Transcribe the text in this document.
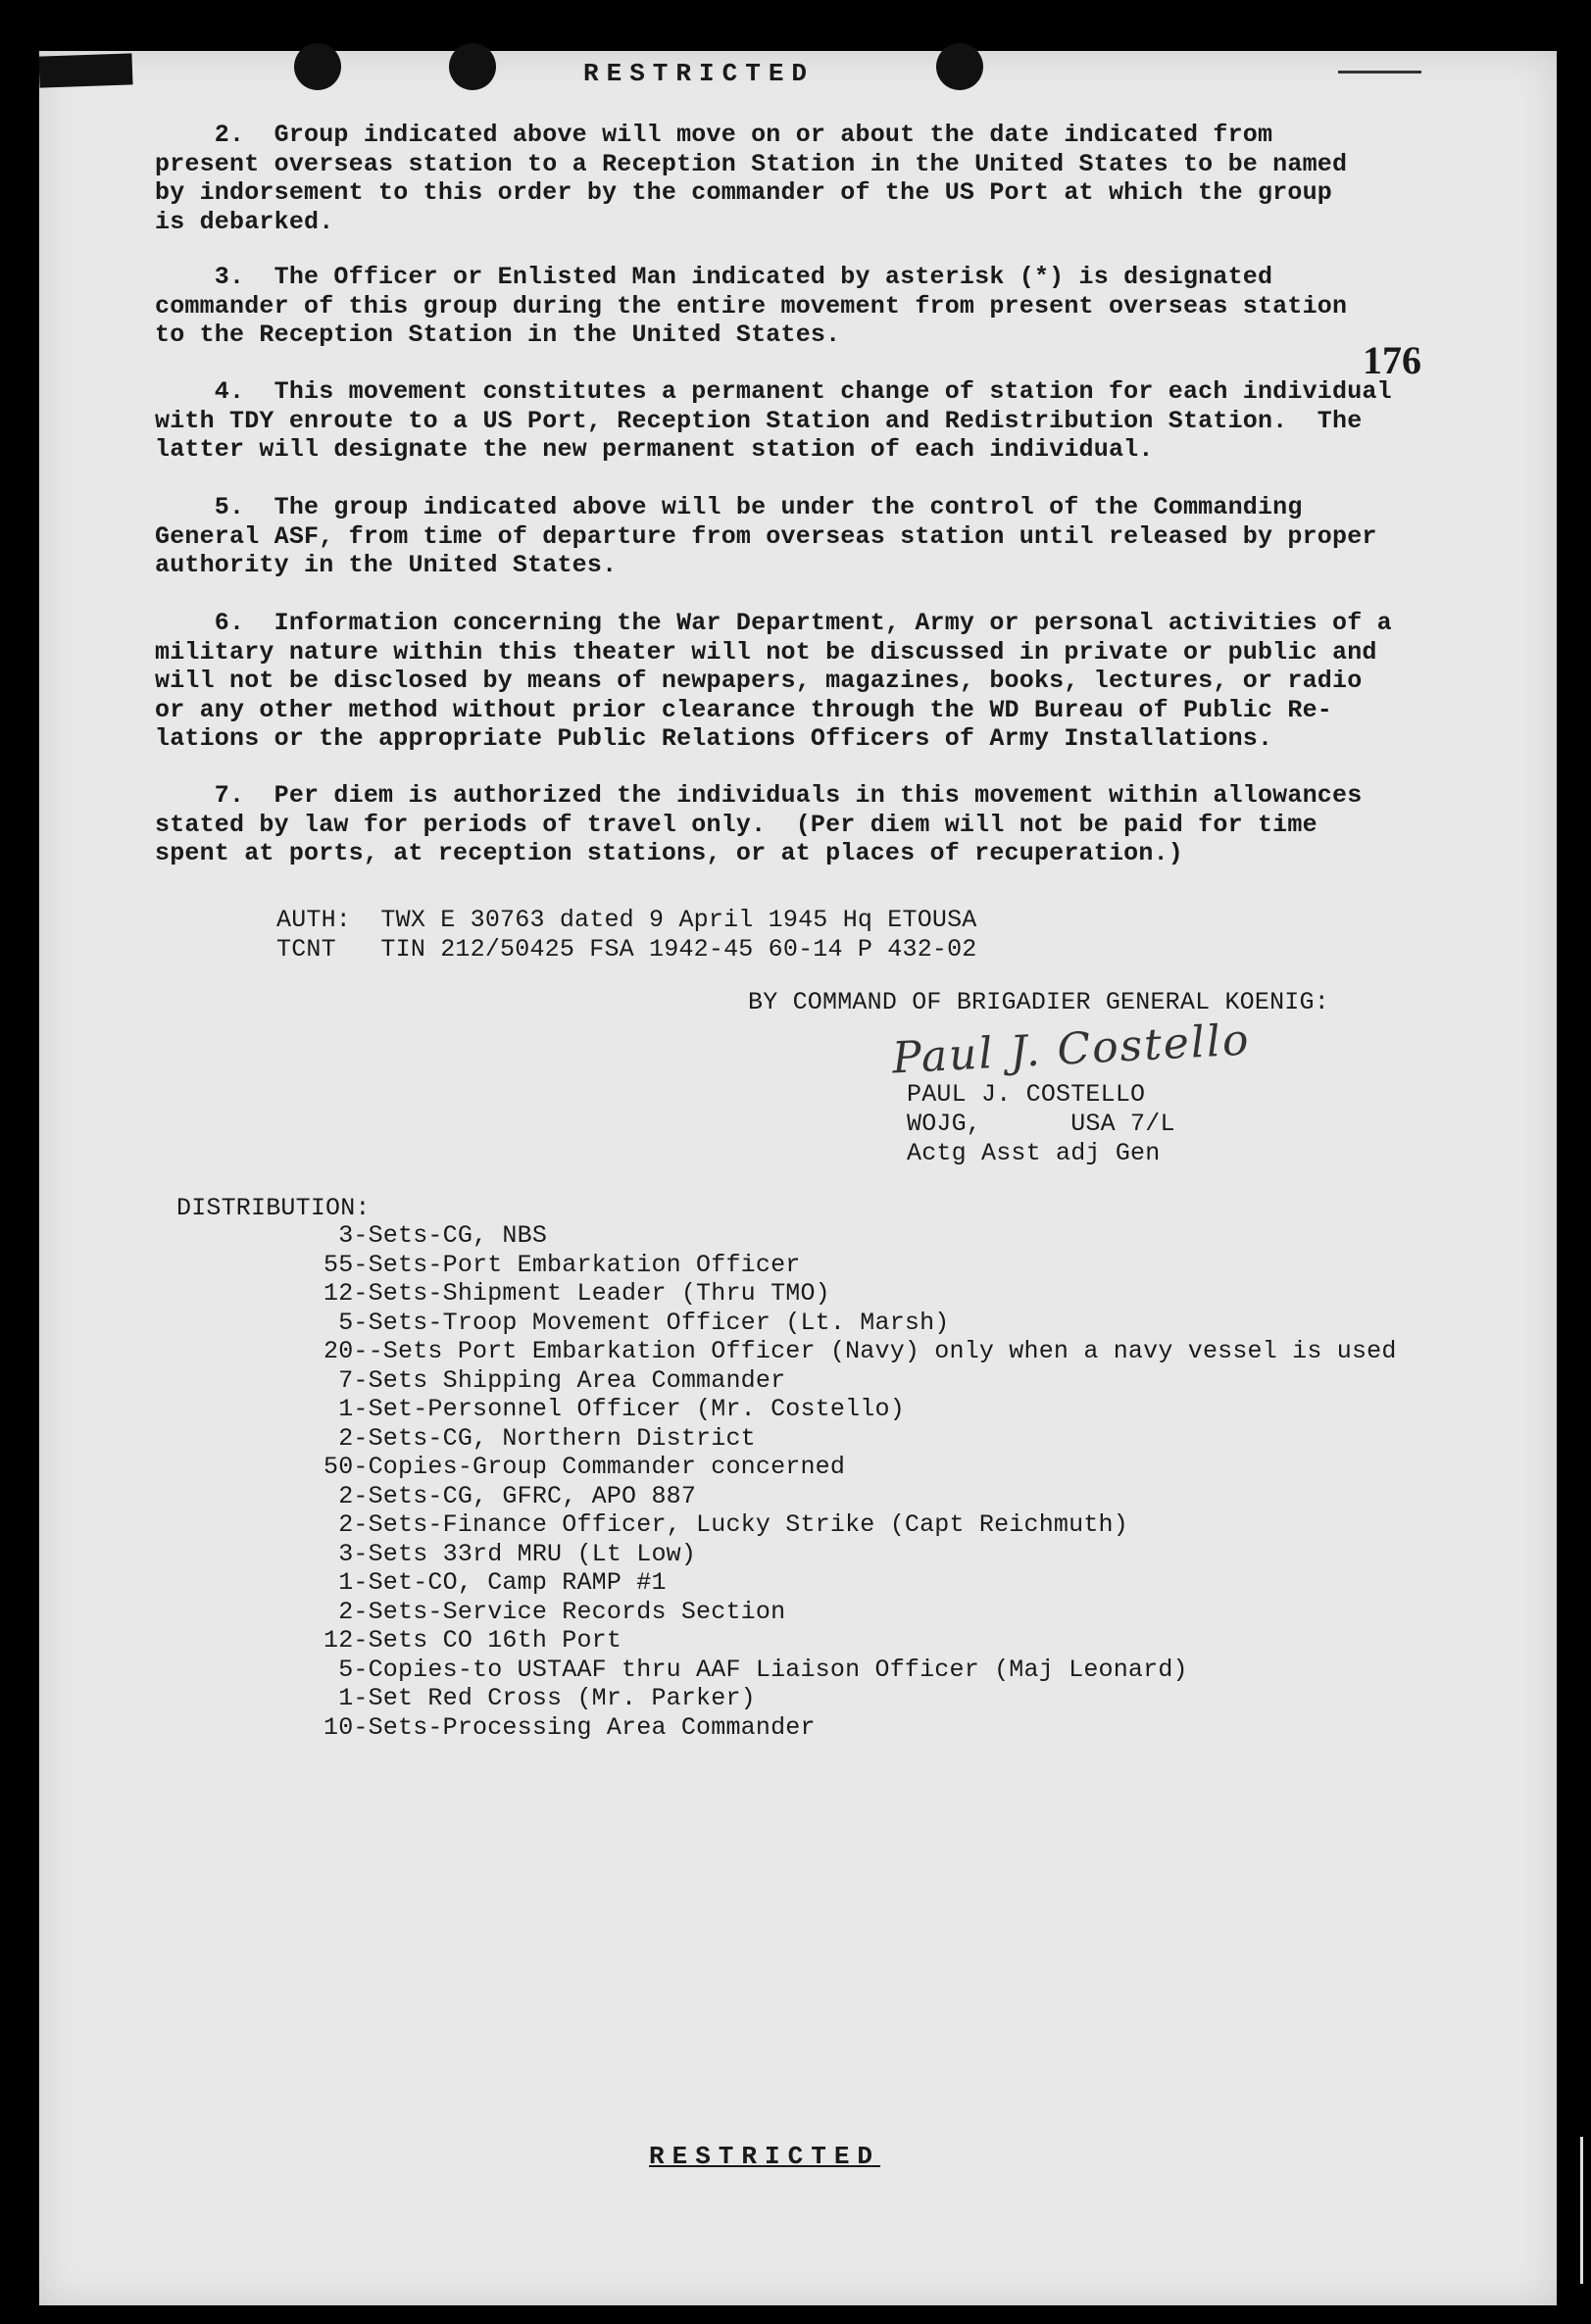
RESTRICTED
176
2.  Group indicated above will move on or about the date indicated from
present overseas station to a Reception Station in the United States to be named
by indorsement to this order by the commander of the US Port at which the group
is debarked.
3.  The Officer or Enlisted Man indicated by asterisk (*) is designated
commander of this group during the entire movement from present overseas station
to the Reception Station in the United States.
4.  This movement constitutes a permanent change of station for each individual
with TDY enroute to a US Port, Reception Station and Redistribution Station.  The
latter will designate the new permanent station of each individual.
5.  The group indicated above will be under the control of the Commanding
General ASF, from time of departure from overseas station until released by proper
authority in the United States.
6.  Information concerning the War Department, Army or personal activities of a
military nature within this theater will not be discussed in private or public and
will not be disclosed by means of newpapers, magazines, books, lectures, or radio
or any other method without prior clearance through the WD Bureau of Public Re-
lations or the appropriate Public Relations Officers of Army Installations.
7.  Per diem is authorized the individuals in this movement within allowances
stated by law for periods of travel only.  (Per diem will not be paid for time
spent at ports, at reception stations, or at places of recuperation.)
AUTH:  TWX E 30763 dated 9 April 1945 Hq ETOUSA
TCNT   TIN 212/50425 FSA 1942-45 60-14 P 432-02
BY COMMAND OF BRIGADIER GENERAL KOENIG:
Paul J. Costello
PAUL J. COSTELLO
WOJG,      USA 7/L
Actg Asst adj Gen
DISTRIBUTION:
3-Sets-CG, NBS
55-Sets-Port Embarkation Officer
12-Sets-Shipment Leader (Thru TMO)
5-Sets-Troop Movement Officer (Lt. Marsh)
20--Sets Port Embarkation Officer (Navy) only when a navy vessel is used
7-Sets Shipping Area Commander
1-Set-Personnel Officer (Mr. Costello)
2-Sets-CG, Northern District
50-Copies-Group Commander concerned
2-Sets-CG, GFRC, APO 887
2-Sets-Finance Officer, Lucky Strike (Capt Reichmuth)
3-Sets 33rd MRU (Lt Low)
1-Set-CO, Camp RAMP #1
2-Sets-Service Records Section
12-Sets CO 16th Port
5-Copies-to USTAAF thru AAF Liaison Officer (Maj Leonard)
1-Set Red Cross (Mr. Parker)
10-Sets-Processing Area Commander
RESTRICTED
